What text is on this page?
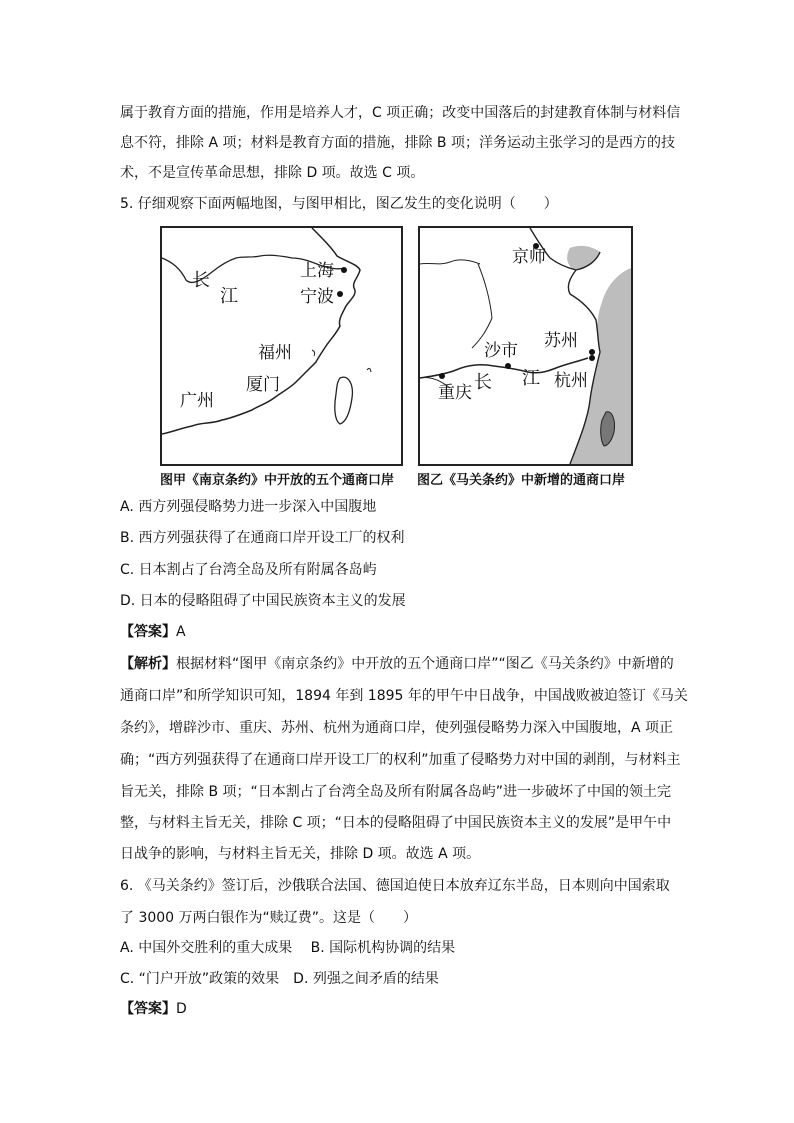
属于教育方面的措施，作用是培养人才，C 项正确；改变中国落后的封建教育体制与材料信
息不符，排除 A 项；材料是教育方面的措施，排除 B 项；洋务运动主张学习的是西方的技
术，不是宣传革命思想，排除 D 项。故选 C 项。
5. 仔细观察下面两幅地图，与图甲相比，图乙发生的变化说明（　　）
长
江
上海
宁波
福州
厦门
广州
京师
沙市 苏州
长 江 杭州
重庆
图甲《南京条约》中开放的五个通商口岸 图乙《马关条约》中新增的通商口岸
A. 西方列强侵略势力进一步深入中国腹地
B. 西方列强获得了在通商口岸开设工厂的权利
C. 日本割占了台湾全岛及所有附属各岛屿
D. 日本的侵略阻碍了中国民族资本主义的发展
【答案】A
【解析】根据材料“图甲《南京条约》中开放的五个通商口岸”“图乙《马关条约》中新增的
通商口岸”和所学知识可知，1894 年到 1895 年的甲午中日战争，中国战败被迫签订《马关
条约》，增辟沙市、重庆、苏州、杭州为通商口岸，使列强侵略势力深入中国腹地，A 项正
确；“西方列强获得了在通商口岸开设工厂的权利”加重了侵略势力对中国的剥削，与材料主
旨无关，排除 B 项；“日本割占了台湾全岛及所有附属各岛屿”进一步破坏了中国的领土完
整，与材料主旨无关，排除 C 项；“日本的侵略阻碍了中国民族资本主义的发展”是甲午中
日战争的影响，与材料主旨无关，排除 D 项。故选 A 项。
6. 《马关条约》签订后，沙俄联合法国、德国迫使日本放弃辽东半岛，日本则向中国索取
了 3000 万两白银作为“赎辽费”。这是（　　）
A. 中国外交胜利的重大成果　 B. 国际机构协调的结果
C. “门户开放”政策的效果　D. 列强之间矛盾的结果
【答案】D
